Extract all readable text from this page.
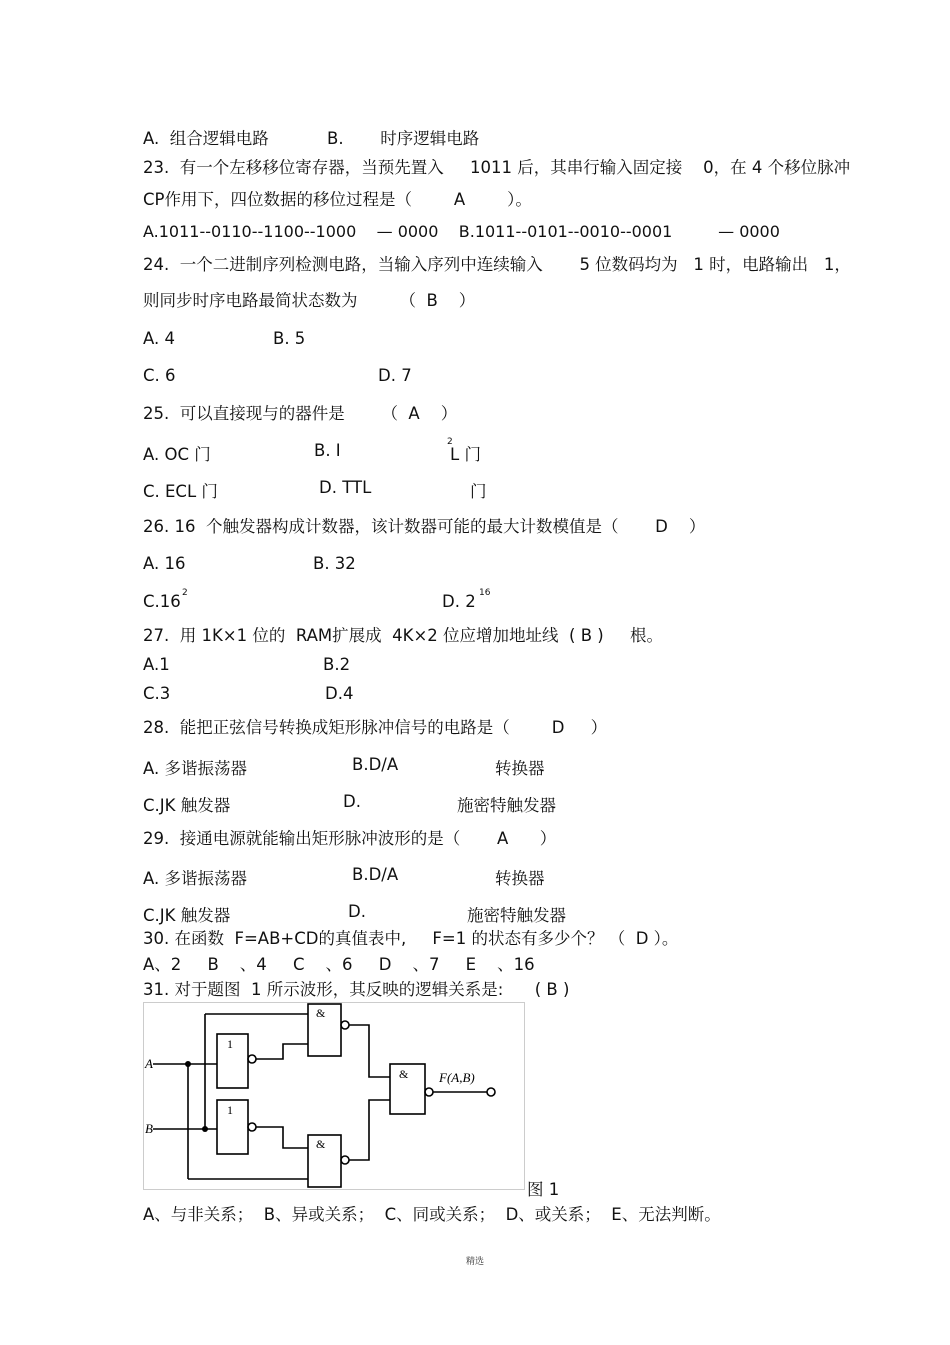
A.  组合逻辑电路	B.       时序逻辑电路
23.  有一个左移移位寄存器，当预先置入     1011 后，其串行输入固定接    0，在 4 个移位脉冲
CP作用下，四位数据的移位过程是（        A        ）。
A.1011--0110--1100--1000    — 0000    B.1011--0101--0010--0001         — 0000
24.  一个二进制序列检测电路，当输入序列中连续输入       5 位数码均为   1 时，电路输出   1，
则同步时序电路最简状态数为        （  B    ）
A. 4	B. 5
C. 6	D. 7
25.  可以直接现与的器件是       （  A    ）
A. OC 门	B. I	2
L 门
C. ECL 门	D. TTL	门
26. 16  个触发器构成计数器，该计数器可能的最大计数模值是（       D    ）
A. 16	B. 32
C.16 2	D. 2 16
27.  用 1K×1 位的  RAM扩展成  4K×2 位应增加地址线  ( B )     根。
A.1	B.2
C.3	D.4
28.  能把正弦信号转换成矩形脉冲信号的电路是（        D     ）
A. 多谐振荡器	B.D/A	转换器
C.JK 触发器	D.	施密特触发器
29.  接通电源就能输出矩形脉冲波形的是（       A      ）
A. 多谐振荡器	B.D/A	转换器
C.JK 触发器	D.	施密特触发器
30. 在函数  F=AB+CD的真值表中,     F=1 的状态有多少个？ （  D ）。
A、2     B    、4     C    、6     D    、7     E    、16
31. 对于题图  1 所示波形，其反映的逻辑关系是:      ( B )
A
B
F(A,B)
1
1
&
&
&
图 1
A、与非关系；  B、异或关系；  C、同或关系；  D、或关系；  E、无法判断。
精选
